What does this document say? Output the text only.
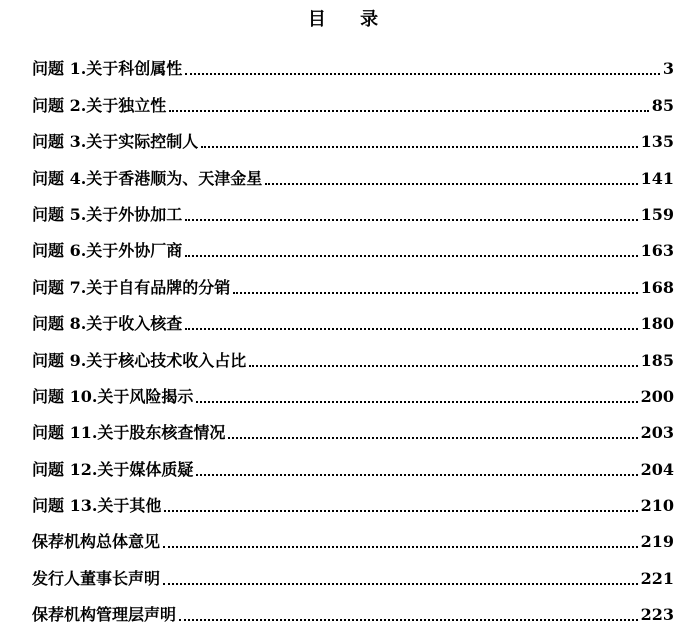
目 录
问题 1.关于科创属性	3
问题 2.关于独立性	85
问题 3.关于实际控制人	135
问题 4.关于香港顺为、天津金星	141
问题 5.关于外协加工	159
问题 6.关于外协厂商	163
问题 7.关于自有品牌的分销	168
问题 8.关于收入核查	180
问题 9.关于核心技术收入占比	185
问题 10.关于风险揭示	200
问题 11.关于股东核查情况	203
问题 12.关于媒体质疑	204
问题 13.关于其他	210
保荐机构总体意见	219
发行人董事长声明	221
保荐机构管理层声明	223
